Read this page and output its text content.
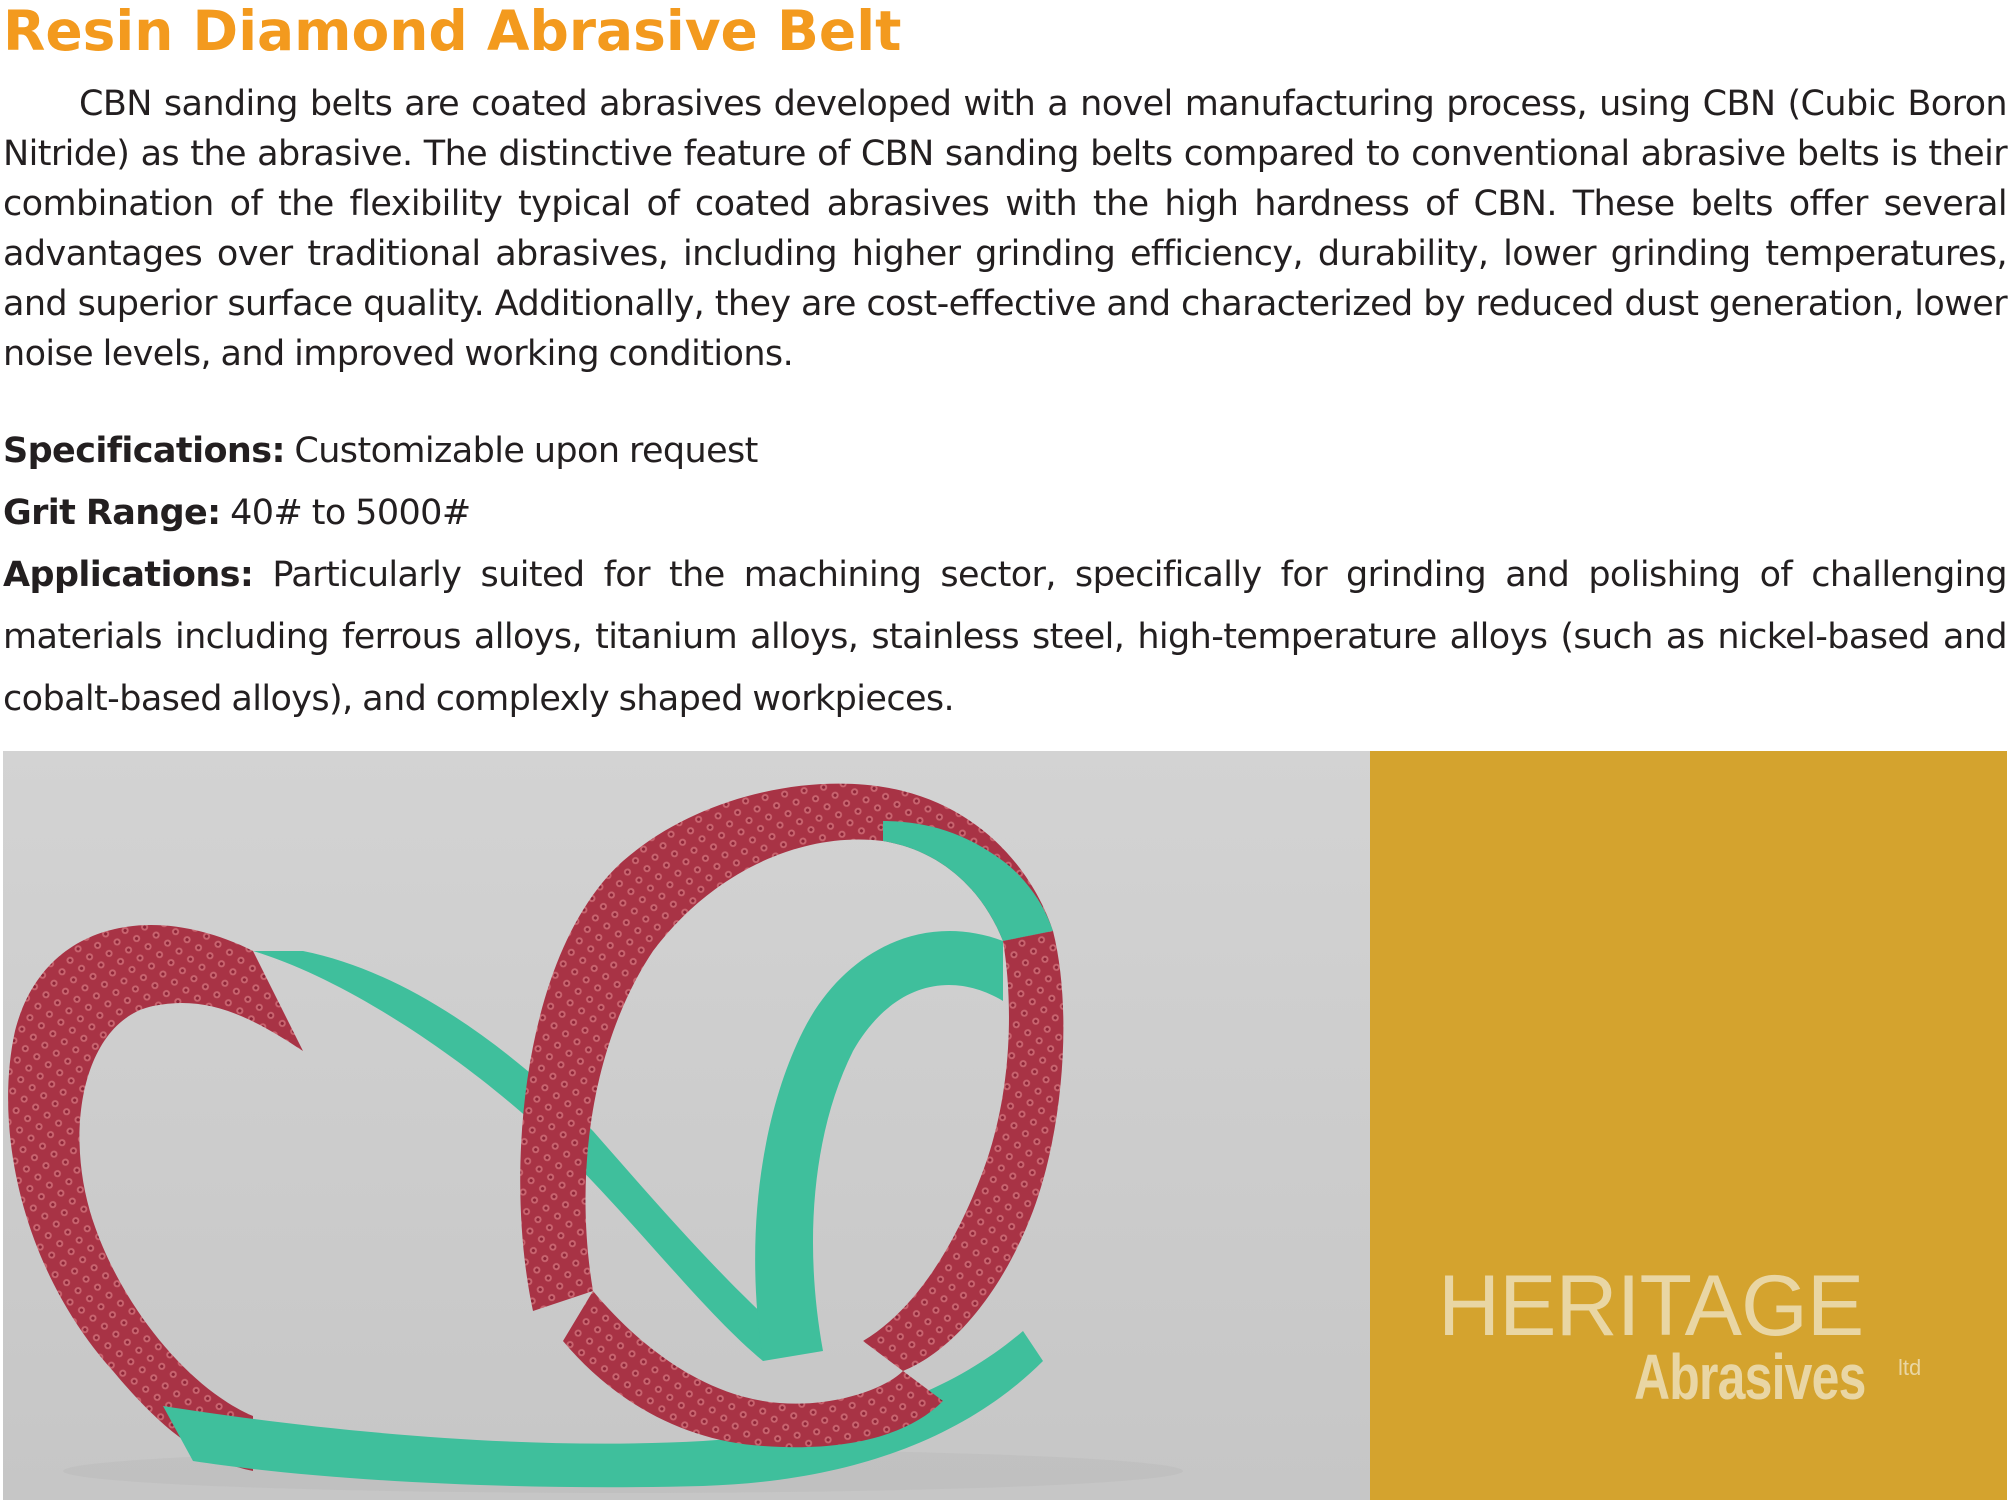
Resin Diamond Abrasive Belt

CBN sanding belts are coated abrasives developed with a novel manufacturing process, using CBN (Cubic Boron Nitride) as the abrasive. The distinctive feature of CBN sanding belts compared to conventional abrasive belts is their combination of the flexibility typical of coated abrasives with the high hardness of CBN. These belts offer several advantages over traditional abrasives, including higher grinding efficiency, durability, lower grinding temperatures, and superior surface quality. Additionally, they are cost-effective and characterized by reduced dust generation, lower noise levels, and improved working conditions.

Specifications: Customizable upon request

Grit Range: 40# to 5000#

Applications: Particularly suited for the machining sector, specifically for grinding and polishing of challenging materials including ferrous alloys, titanium alloys, stainless steel, high-temperature alloys (such as nickel-based and cobalt-based alloys), and complexly shaped workpieces.

HERITAGE
Abrasives ltd
